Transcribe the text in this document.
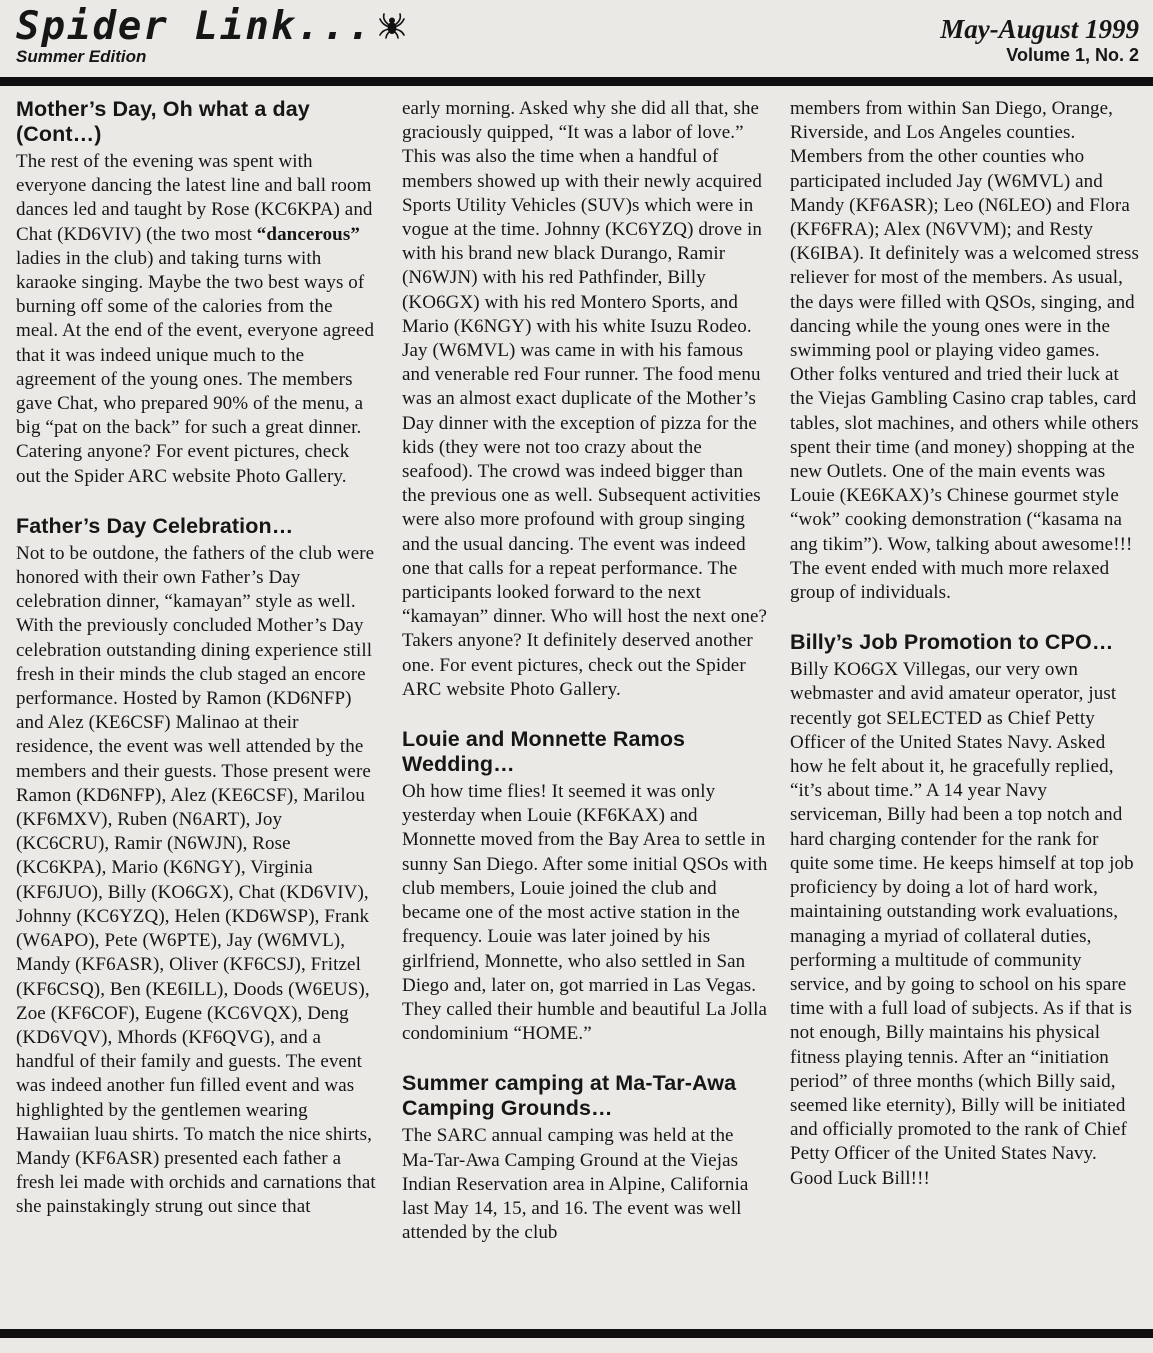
Spider Link...
Summer Edition
May-August 1999
Volume 1, No. 2
Mother’s Day, Oh what a day (Cont…)

The rest of the evening was spent with everyone dancing the latest line and ball room dances led and taught by Rose (KC6KPA) and Chat (KD6VIV) (the two most “dancerous” ladies in the club) and taking turns with karaoke singing. Maybe the two best ways of burning off some of the calories from the meal. At the end of the event, everyone agreed that it was indeed unique much to the agreement of the young ones. The members gave Chat, who prepared 90% of the menu, a big “pat on the back” for such a great dinner. Catering anyone? For event pictures, check out the Spider ARC website Photo Gallery.

Father’s Day Celebration…

Not to be outdone, the fathers of the club were honored with their own Father’s Day celebration dinner, “kamayan” style as well. With the previously concluded Mother’s Day celebration outstanding dining experience still fresh in their minds the club staged an encore performance. Hosted by Ramon (KD6NFP) and Alez (KE6CSF) Malinao at their residence, the event was well attended by the members and their guests. Those present were Ramon (KD6NFP), Alez (KE6CSF), Marilou (KF6MXV), Ruben (N6ART), Joy (KC6CRU), Ramir (N6WJN), Rose (KC6KPA), Mario (K6NGY), Virginia (KF6JUO), Billy (KO6GX), Chat (KD6VIV), Johnny (KC6YZQ), Helen (KD6WSP), Frank (W6APO), Pete (W6PTE), Jay (W6MVL), Mandy (KF6ASR), Oliver (KF6CSJ), Fritzel (KF6CSQ), Ben (KE6ILL), Doods (W6EUS), Zoe (KF6COF), Eugene (KC6VQX), Deng (KD6VQV), Mhords (KF6QVG), and a handful of their family and guests. The event was indeed another fun filled event and was highlighted by the gentlemen wearing Hawaiian luau shirts. To match the nice shirts, Mandy (KF6ASR) presented each father a fresh lei made with orchids and carnations that she painstakingly strung out since that

early morning. Asked why she did all that, she graciously quipped, “It was a labor of love.” This was also the time when a handful of members showed up with their newly acquired Sports Utility Vehicles (SUV)s which were in vogue at the time. Johnny (KC6YZQ) drove in with his brand new black Durango, Ramir (N6WJN) with his red Pathfinder, Billy (KO6GX) with his red Montero Sports, and Mario (K6NGY) with his white Isuzu Rodeo. Jay (W6MVL) was came in with his famous and venerable red Four runner. The food menu was an almost exact duplicate of the Mother’s Day dinner with the exception of pizza for the kids (they were not too crazy about the seafood). The crowd was indeed bigger than the previous one as well. Subsequent activities were also more profound with group singing and the usual dancing. The event was indeed one that calls for a repeat performance. The participants looked forward to the next “kamayan” dinner. Who will host the next one? Takers anyone? It definitely deserved another one. For event pictures, check out the Spider ARC website Photo Gallery.

Louie and Monnette Ramos Wedding…

Oh how time flies! It seemed it was only yesterday when Louie (KF6KAX) and Monnette moved from the Bay Area to settle in sunny San Diego. After some initial QSOs with club members, Louie joined the club and became one of the most active station in the frequency. Louie was later joined by his girlfriend, Monnette, who also settled in San Diego and, later on, got married in Las Vegas. They called their humble and beautiful La Jolla condominium “HOME.”

Summer camping at Ma-Tar-Awa Camping Grounds…

The SARC annual camping was held at the Ma-Tar-Awa Camping Ground at the Viejas Indian Reservation area in Alpine, California last May 14, 15, and 16. The event was well attended by the club

members from within San Diego, Orange, Riverside, and Los Angeles counties. Members from the other counties who participated included Jay (W6MVL) and Mandy (KF6ASR); Leo (N6LEO) and Flora (KF6FRA); Alex (N6VVM); and Resty (K6IBA). It definitely was a welcomed stress reliever for most of the members. As usual, the days were filled with QSOs, singing, and dancing while the young ones were in the swimming pool or playing video games. Other folks ventured and tried their luck at the Viejas Gambling Casino crap tables, card tables, slot machines, and others while others spent their time (and money) shopping at the new Outlets. One of the main events was Louie (KE6KAX)’s Chinese gourmet style “wok” cooking demonstration (“kasama na ang tikim”). Wow, talking about awesome!!! The event ended with much more relaxed group of individuals.

Billy’s Job Promotion to CPO…

Billy KO6GX Villegas, our very own webmaster and avid amateur operator, just recently got SELECTED as Chief Petty Officer of the United States Navy. Asked how he felt about it, he gracefully replied, “it’s about time.” A 14 year Navy serviceman, Billy had been a top notch and hard charging contender for the rank for quite some time. He keeps himself at top job proficiency by doing a lot of hard work, maintaining outstanding work evaluations, managing a myriad of collateral duties, performing a multitude of community service, and by going to school on his spare time with a full load of subjects. As if that is not enough, Billy maintains his physical fitness playing tennis. After an “initiation period” of three months (which Billy said, seemed like eternity), Billy will be initiated and officially promoted to the rank of Chief Petty Officer of the United States Navy. Good Luck Bill!!!
